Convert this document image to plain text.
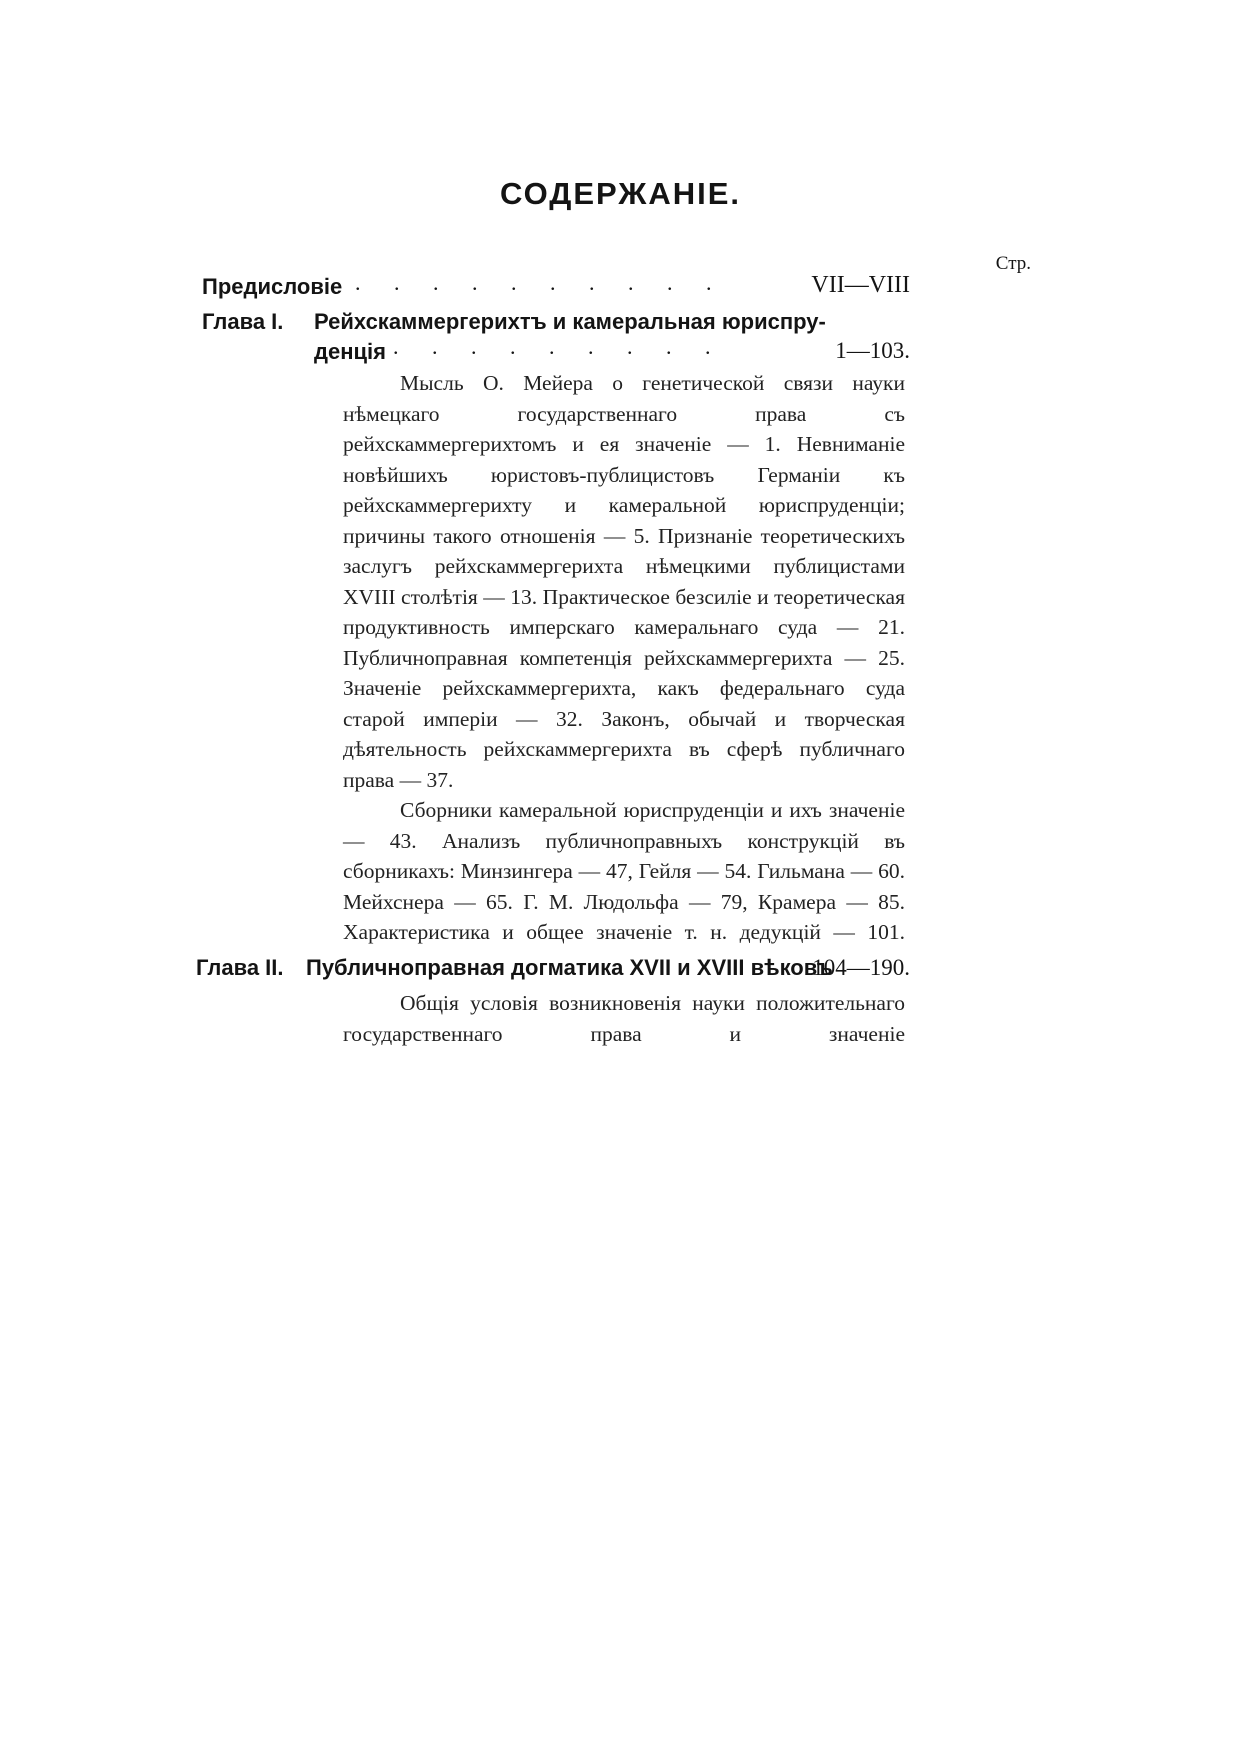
СОДЕРЖАНІЕ.
Стр.
Предисловіе . . . . . . . . . .	VII—VIII
Глава I. Рейхскаммергерихтъ и камеральная юриспру-
денція . . . . . . . . .	1—103.

Мысль О. Мейера о генетической связи науки нѣмецкаго государственнаго права съ рейхскаммергерихтомъ и ея значеніе — 1. Невниманіе новѣйшихъ юристовъ-публицистовъ Германіи къ рейхскаммергерихту и камеральной юриспруденціи; причины такого отношенія — 5. Признаніе теоретическихъ заслугъ рейхскаммергерихта нѣмецкими публицистами XVIII столѣтія — 13. Практическое безсиліе и теоретическая продуктивность имперскаго камеральнаго суда — 21. Публичноправная компетенція рейхскаммергерихта — 25. Значеніе рейхскаммергерихта, какъ федеральнаго суда старой имперіи — 32. Законъ, обычай и творческая дѣятельность рейхскаммергерихта въ сферѣ публичнаго права — 37.

Сборники камеральной юриспруденціи и ихъ значеніе — 43. Анализъ публичноправныхъ конструкцій въ сборникахъ: Минзингера — 47, Гейля — 54. Гильмана — 60. Мейхснера — 65. Г. М. Людольфа — 79, Крамера — 85. Характеристика и общее значеніе т. н. дедукцій — 101.

Глава II. Публичноправная догматика XVII и XVIII вѣковъ
104—190.

Общія условія возникновенія науки положительнаго государственнаго права и значеніе
